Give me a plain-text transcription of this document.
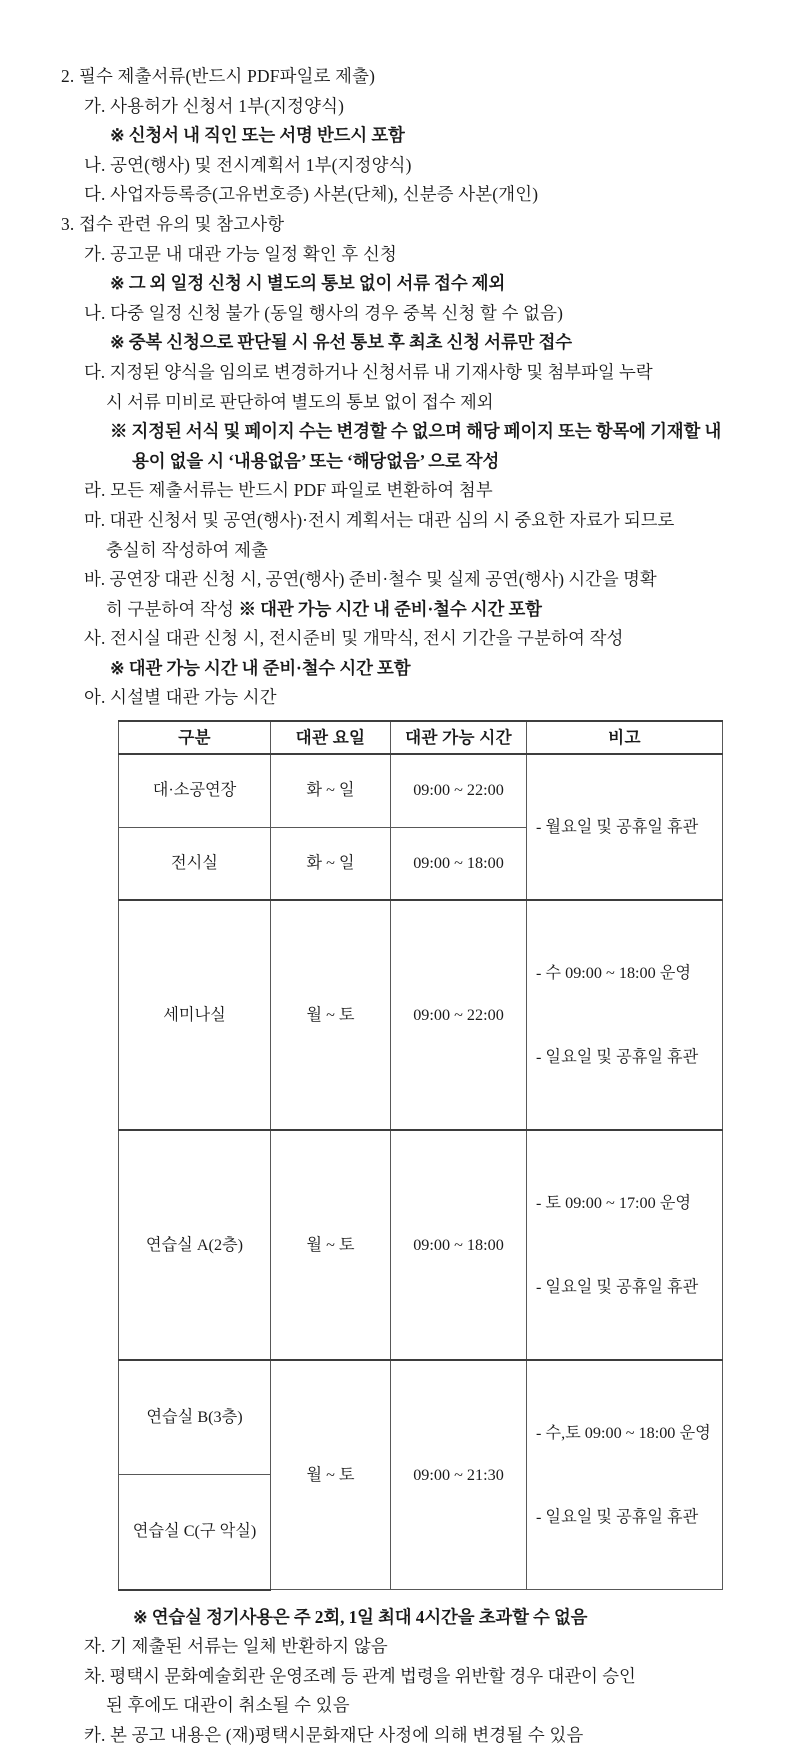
2.
필수 제출서류(반드시 PDF파일로 제출)
가.
사용허가 신청서 1부(지정양식)
※
신청서 내 직인 또는 서명 반드시 포함
나.
공연(행사) 및 전시계획서 1부(지정양식)
다.
사업자등록증(고유번호증) 사본(단체), 신분증 사본(개인)
3.
접수 관련 유의 및 참고사항
가.
공고문 내 대관 가능 일정 확인 후 신청
※
그 외 일정 신청 시 별도의 통보 없이 서류 접수 제외
나.
다중 일정 신청 불가 (동일 행사의 경우 중복 신청 할 수 없음)
※
중복 신청으로 판단될 시 유선 통보 후 최초 신청 서류만 접수
다. 지정된 양식을 임의로 변경하거나 신청서류 내 기재사항 및 첨부파일 누락
시 서류 미비로 판단하여 별도의 통보 없이 접수 제외
※ 지정된 서식 및 페이지 수는 변경할 수 없으며 해당 페이지 또는 항목에 기재할 내
용이 없을 시 ‘내용없음’ 또는 ‘해당없음’ 으로 작성
라.
모든 제출서류는 반드시 PDF 파일로 변환하여 첨부
마. 대관 신청서 및 공연(행사)·전시 계획서는 대관 심의 시 중요한 자료가 되므로
충실히 작성하여 제출
바. 공연장 대관 신청 시, 공연(행사) 준비·철수 및 실제 공연(행사) 시간을 명확
히 구분하여 작성 ※ 대관 가능 시간 내 준비·철수 시간 포함
사.
전시실 대관 신청 시, 전시준비 및 개막식, 전시 기간을 구분하여 작성
※
대관 가능 시간 내 준비·철수 시간 포함
아.
시설별 대관 가능 시간
구분	대관 요일	대관 가능 시간	비고
대·소공연장	화 ~ 일	09:00 ~ 22:00	- 월요일 및 공휴일 휴관

전시실	화 ~ 일	09:00 ~ 18:00	
세미나실	월 ~ 토	09:00 ~ 22:00	- 수 09:00 ~ 18:00 운영

- 일요일 및 공휴일 휴관

연습실 A(2층)	월 ~ 토	09:00 ~ 18:00	- 토 09:00 ~ 17:00 운영

- 일요일 및 공휴일 휴관

연습실 B(3층)	월 ~ 토	09:00 ~ 21:30	- 수,토 09:00 ~ 18:00 운영

- 일요일 및 공휴일 휴관

연습실 C(구 악실)			
※
연습실 정기사용은 주 2회, 1일 최대 4시간을 초과할 수 없음
자.
기 제출된 서류는 일체 반환하지 않음
차. 평택시 문화예술회관 운영조례 등 관계 법령을 위반할 경우 대관이 승인
된 후에도 대관이 취소될 수 있음
카.
본 공고 내용은 (재)평택시문화재단 사정에 의해 변경될 수 있음
